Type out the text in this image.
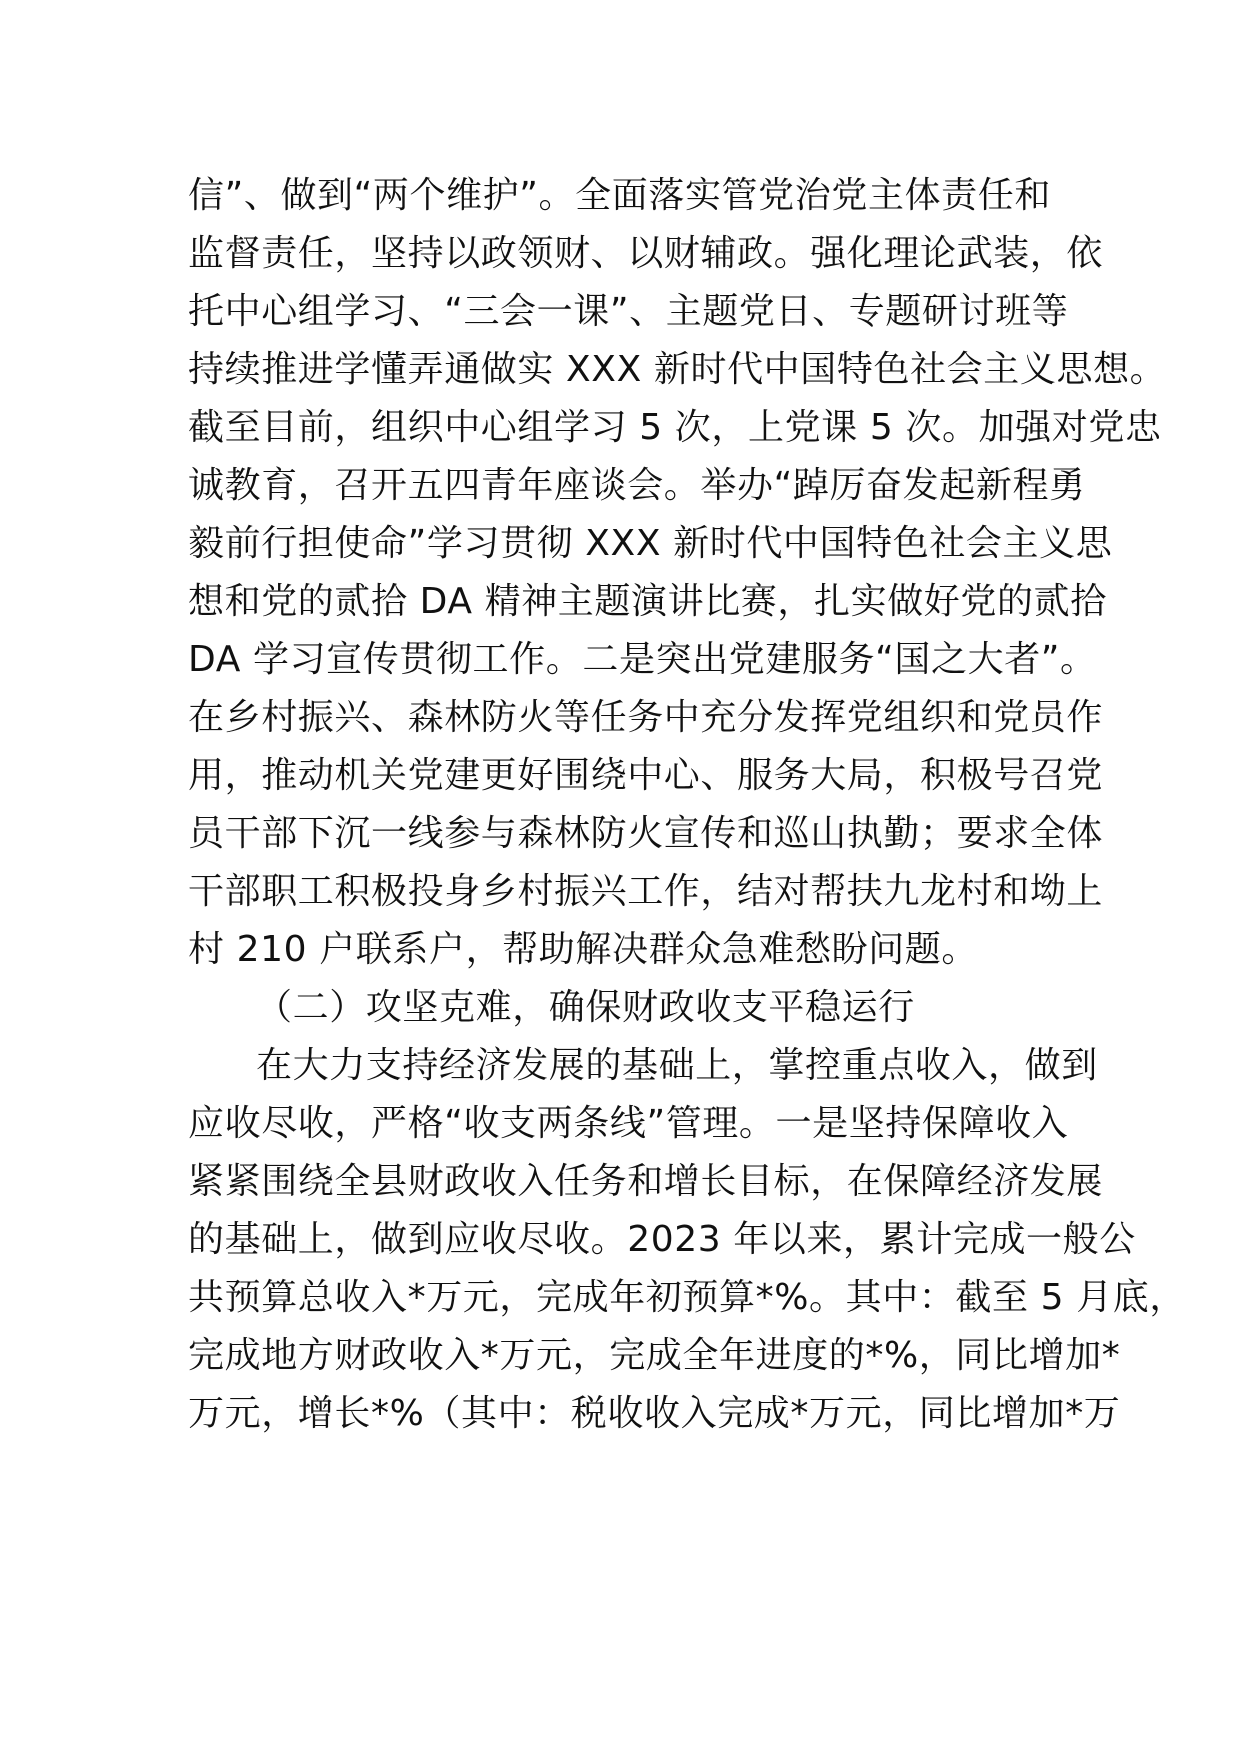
信”、做到“两个维护”。全面落实管党治党主体责任和
监督责任，坚持以政领财、以财辅政。强化理论武装，依
托中心组学习、“三会一课”、主题党日、专题研讨班等
持续推进学懂弄通做实 XXX 新时代中国特色社会主义思想。
截至目前，组织中心组学习 5 次，上党课 5 次。加强对党忠
诚教育，召开五四青年座谈会。举办“踔厉奋发起新程勇
毅前行担使命”学习贯彻 XXX 新时代中国特色社会主义思
想和党的贰拾 DA 精神主题演讲比赛，扎实做好党的贰拾
DA 学习宣传贯彻工作。二是突出党建服务“国之大者”。
在乡村振兴、森林防火等任务中充分发挥党组织和党员作
用，推动机关党建更好围绕中心、服务大局，积极号召党
员干部下沉一线参与森林防火宣传和巡山执勤；要求全体
干部职工积极投身乡村振兴工作，结对帮扶九龙村和坳上
村 210 户联系户，帮助解决群众急难愁盼问题。
（二）攻坚克难，确保财政收支平稳运行
在大力支持经济发展的基础上，掌控重点收入，做到
应收尽收，严格“收支两条线”管理。一是坚持保障收入
紧紧围绕全县财政收入任务和增长目标，在保障经济发展
的基础上，做到应收尽收。2023 年以来，累计完成一般公
共预算总收入*万元，完成年初预算*%。其中：截至 5 月底，
完成地方财政收入*万元，完成全年进度的*%，同比增加*
万元，增长*%（其中：税收收入完成*万元，同比增加*万
